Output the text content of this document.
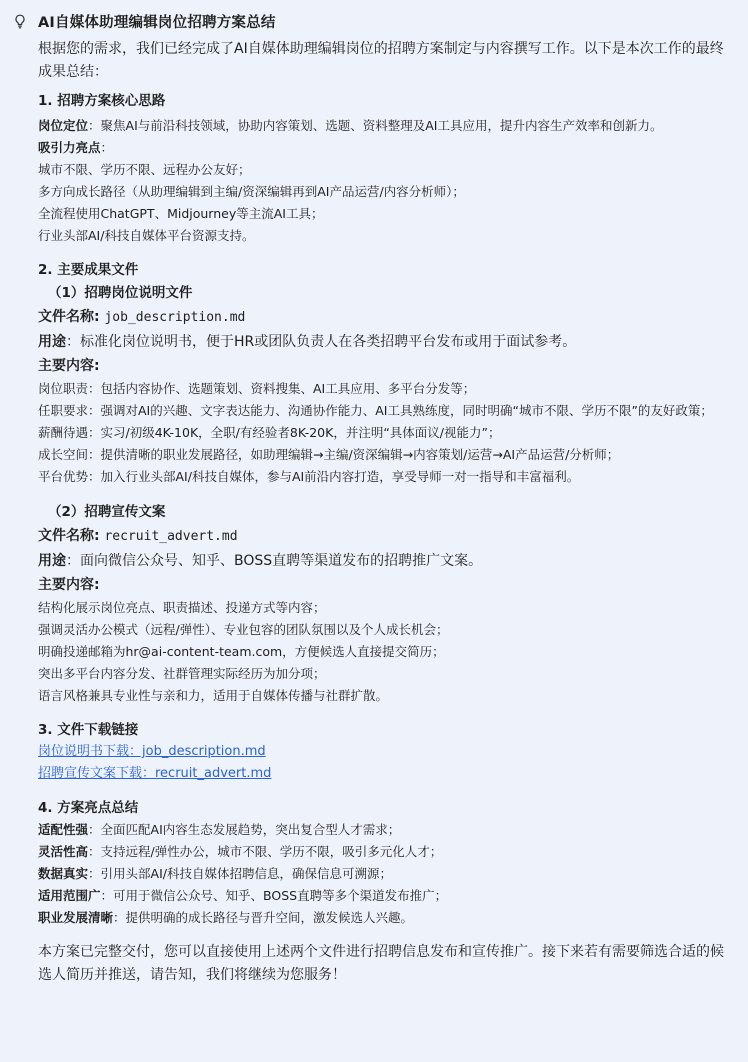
AI自媒体助理编辑岗位招聘方案总结

根据您的需求，我们已经完成了AI自媒体助理编辑岗位的招聘方案制定与内容撰写工作。以下是本次工作的最终成果总结：

1. 招聘方案核心思路

岗位定位：聚焦AI与前沿科技领域，协助内容策划、选题、资料整理及AI工具应用，提升内容生产效率和创新力。

吸引力亮点：

城市不限、学历不限、远程办公友好；

多方向成长路径（从助理编辑到主编/资深编辑再到AI产品运营/内容分析师）；

全流程使用ChatGPT、Midjourney等主流AI工具；

行业头部AI/科技自媒体平台资源支持。

2. 主要成果文件

（1）招聘岗位说明文件

文件名称: job_description.md

用途：标准化岗位说明书，便于HR或团队负责人在各类招聘平台发布或用于面试参考。

主要内容:

岗位职责：包括内容协作、选题策划、资料搜集、AI工具应用、多平台分发等；

任职要求：强调对AI的兴趣、文字表达能力、沟通协作能力、AI工具熟练度，同时明确“城市不限、学历不限”的友好政策；

薪酬待遇：实习/初级4K-10K，全职/有经验者8K-20K，并注明“具体面议/视能力”；

成长空间：提供清晰的职业发展路径，如助理编辑→主编/资深编辑→内容策划/运营→AI产品运营/分析师；

平台优势：加入行业头部AI/科技自媒体，参与AI前沿内容打造，享受导师一对一指导和丰富福利。

（2）招聘宣传文案

文件名称: recruit_advert.md

用途：面向微信公众号、知乎、BOSS直聘等渠道发布的招聘推广文案。

主要内容:

结构化展示岗位亮点、职责描述、投递方式等内容；

强调灵活办公模式（远程/弹性）、专业包容的团队氛围以及个人成长机会；

明确投递邮箱为hr@ai-content-team.com，方便候选人直接提交简历；

突出多平台内容分发、社群管理实际经历为加分项；

语言风格兼具专业性与亲和力，适用于自媒体传播与社群扩散。

3. 文件下载链接

岗位说明书下载：job_description.md
招聘宣传文案下载：recruit_advert.md

4. 方案亮点总结

适配性强：全面匹配AI内容生态发展趋势，突出复合型人才需求；

灵活性高：支持远程/弹性办公，城市不限、学历不限，吸引多元化人才；

数据真实：引用头部AI/科技自媒体招聘信息，确保信息可溯源；

适用范围广：可用于微信公众号、知乎、BOSS直聘等多个渠道发布推广；

职业发展清晰：提供明确的成长路径与晋升空间，激发候选人兴趣。

本方案已完整交付，您可以直接使用上述两个文件进行招聘信息发布和宣传推广。接下来若有需要筛选合适的候选人简历并推送，请告知，我们将继续为您服务！
